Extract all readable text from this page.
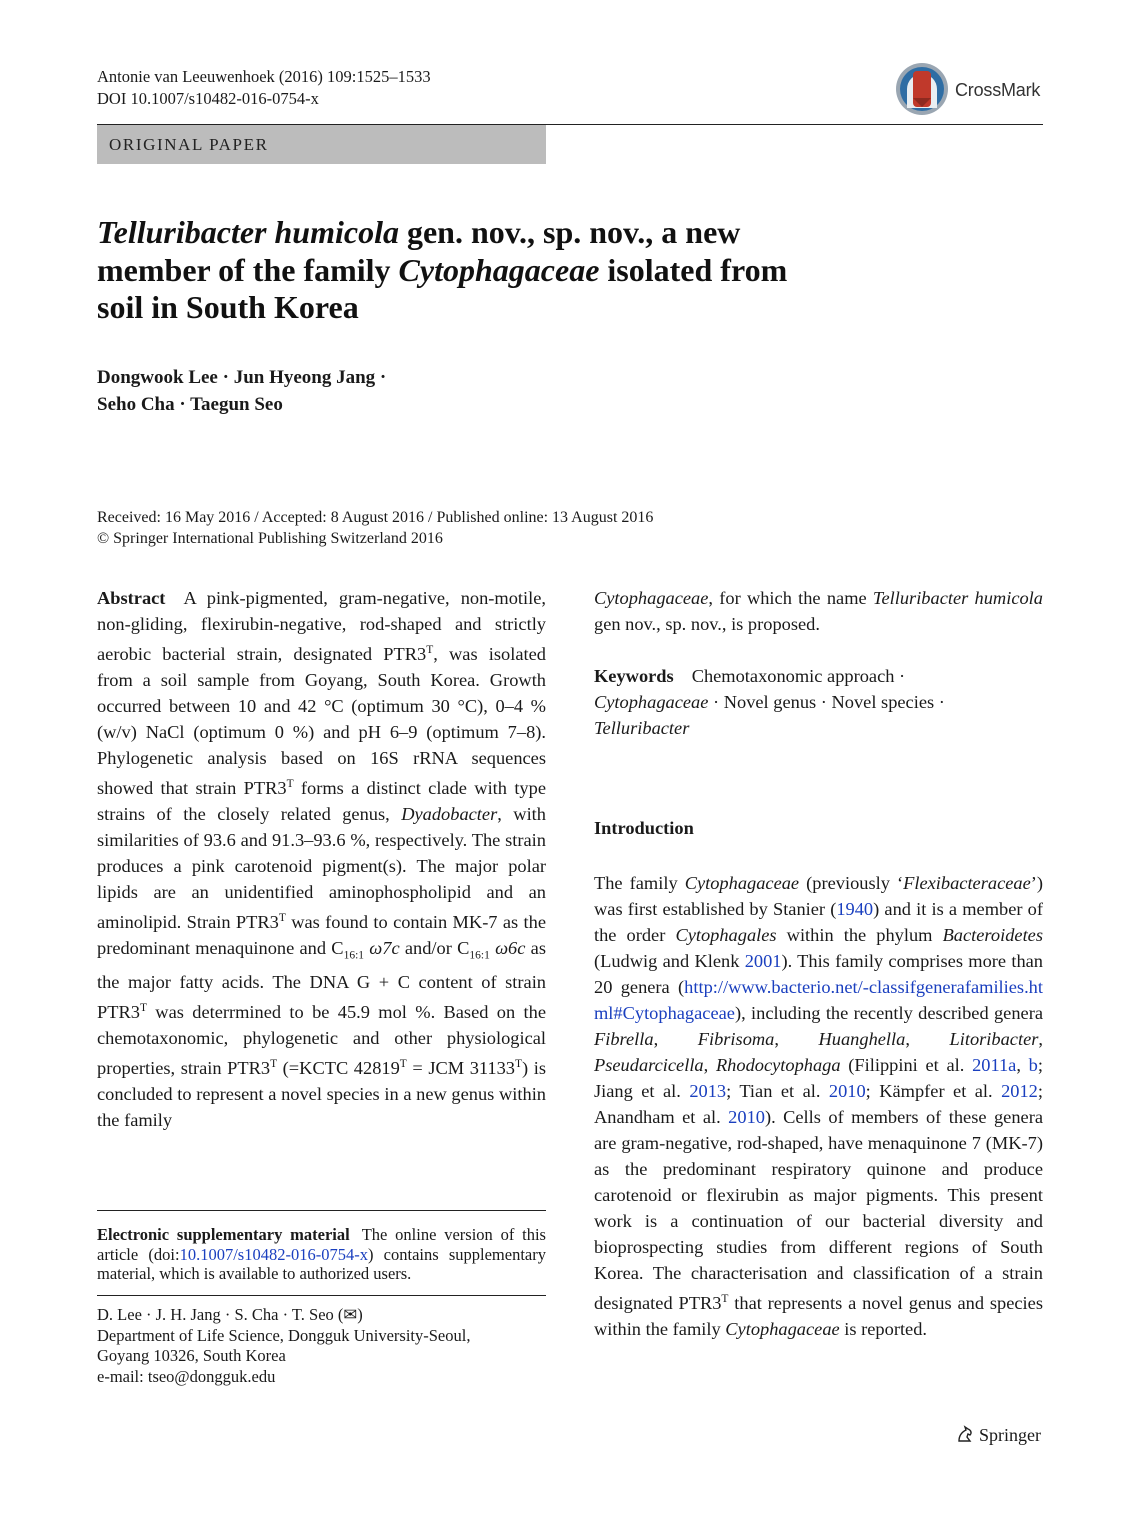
Antonie van Leeuwenhoek (2016) 109:1525–1533
DOI 10.1007/s10482-016-0754-x	CrossMark
ORIGINAL PAPER
Telluribacter humicola gen. nov., sp. nov., a new member of the family Cytophagaceae isolated from soil in South Korea
Dongwook Lee · Jun Hyeong Jang ·
Seho Cha · Taegun Seo
Received: 16 May 2016 / Accepted: 8 August 2016 / Published online: 13 August 2016
© Springer International Publishing Switzerland 2016

Abstract A pink-pigmented, gram-negative, non-motile, non-gliding, flexirubin-negative, rod-shaped and strictly aerobic bacterial strain, designated $PTR3^T$, was isolated from a soil sample from Goyang, South Korea. Growth occurred between 10 and 42 °C (optimum 30 °C), 0–4 % (w/v) NaCl (optimum 0 %) and pH 6–9 (optimum 7–8). Phylogenetic analysis based on 16S rRNA sequences showed that strain $PTR3^T$ forms a distinct clade with type strains of the closely related genus, Dyadobacter, with similarities of 93.6 and 91.3–93.6 %, respectively. The strain produces a pink carotenoid pigment(s). The major polar lipids are an unidentified aminophospholipid and an aminolipid. Strain $PTR3^T$ was found to contain MK-7 as the predominant menaquinone and $C_{16:1}$ ω7c and/or $C_{16:1}$ ω6c as the major fatty acids. The DNA G + C content of strain $PTR3^T$ was deterrmined to be 45.9 mol %. Based on the chemotaxonomic, phylogenetic and other physiological properties, strain $PTR3^T$ (=KCTC $42819^T$ = JCM $31133^T$) is concluded to represent a novel species in a new genus within the family

Cytophagaceae, for which the name Telluribacter humicola gen nov., sp. nov., is proposed.

Keywords Chemotaxonomic approach ·
Cytophagaceae · Novel genus · Novel species ·
Telluribacter

Introduction

The family Cytophagaceae (previously ‘Flexibacteraceae’) was first established by Stanier (1940) and it is a member of the order Cytophagales within the phylum Bacteroidetes (Ludwig and Klenk 2001). This family comprises more than 20 genera (http://www.bacterio.net/-classifgenerafamilies.html#Cytophagaceae), including the recently described genera Fibrella, Fibrisoma, Huanghella, Litoribacter, Pseudarcicella, Rhodocytophaga (Filippini et al. 2011a, b; Jiang et al. 2013; Tian et al. 2010; Kämpfer et al. 2012; Anandham et al. 2010). Cells of members of these genera are gram-negative, rod-shaped, have menaquinone 7 (MK-7) as the predominant respiratory quinone and produce carotenoid or flexirubin as major pigments. This present work is a continuation of our bacterial diversity and bioprospecting studies from different regions of South Korea. The characterisation and classification of a strain designated $PTR3^T$ that represents a novel genus and species within the family Cytophagaceae is reported.

Electronic supplementary material The online version of this article (doi:10.1007/s10482-016-0754-x) contains supplementary material, which is available to authorized users.
D. Lee · J. H. Jang · S. Cha · T. Seo (✉)
Department of Life Science, Dongguk University-Seoul,
Goyang 10326, South Korea
e-mail: tseo@dongguk.edu
Springer
